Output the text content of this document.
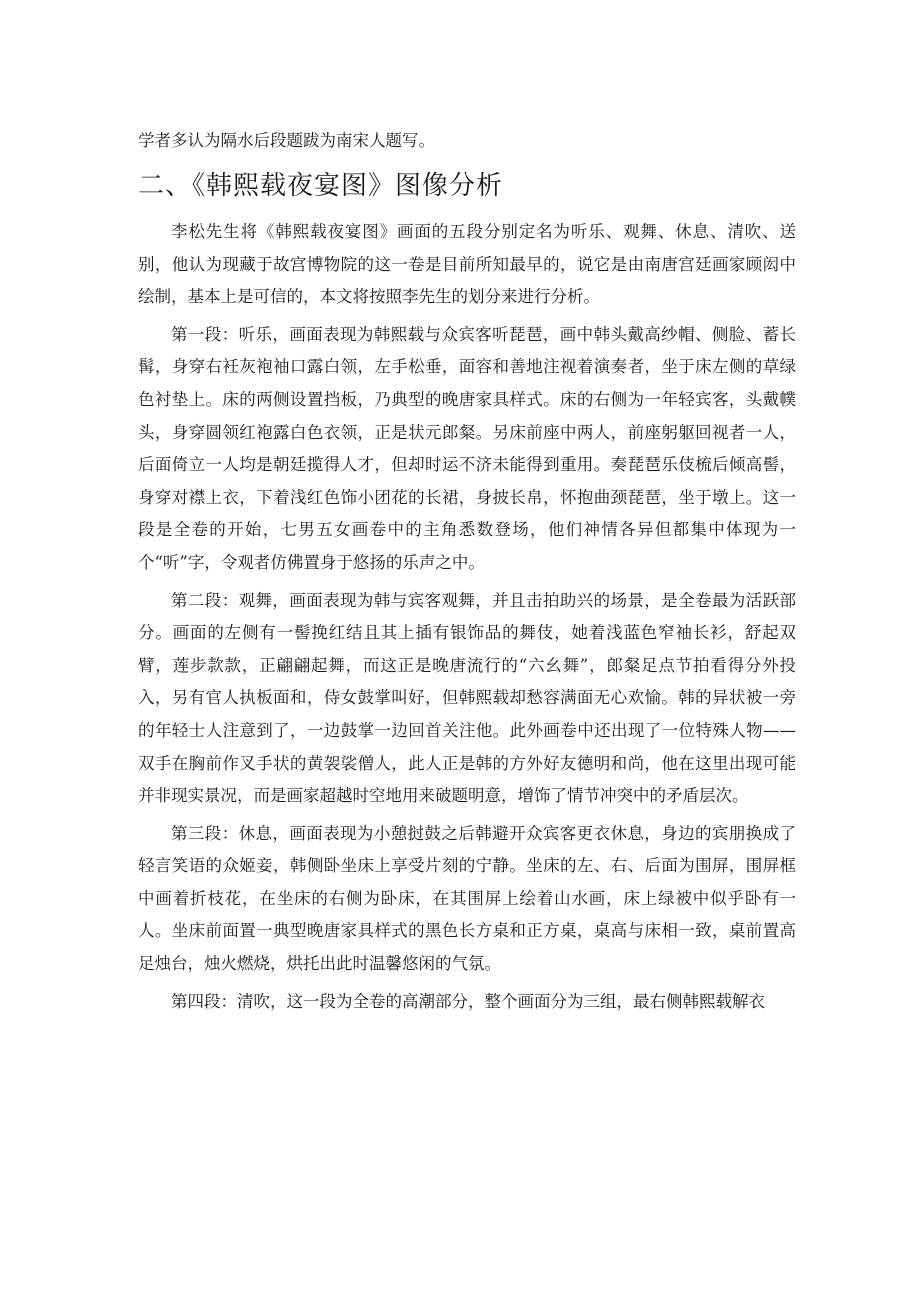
学者多认为隔水后段题跋为南宋人题写。

二、《韩熙载夜宴图》图像分析

李松先生将《韩熙载夜宴图》画面的五段分别定名为听乐、观舞、休息、清吹、送别，他认为现藏于故宫博物院的这一卷是目前所知最早的，说它是由南唐宫廷画家顾闳中绘制，基本上是可信的，本文将按照李先生的划分来进行分析。

第一段：听乐，画面表现为韩熙载与众宾客听琵琶，画中韩头戴高纱帽、侧脸、蓄长髯，身穿右衽灰袍袖口露白领，左手松垂，面容和善地注视着演奏者，坐于床左侧的草绿色衬垫上。床的两侧设置挡板，乃典型的晚唐家具样式。床的右侧为一年轻宾客，头戴幞头，身穿圆领红袍露白色衣领，正是状元郎粲。另床前座中两人，前座躬躯回视者一人，后面倚立一人均是朝廷揽得人才，但却时运不济未能得到重用。奏琵琶乐伎梳后倾高髻，身穿对襟上衣，下着浅红色饰小团花的长裙，身披长帛，怀抱曲颈琵琶，坐于墩上。这一段是全卷的开始，七男五女画卷中的主角悉数登场，他们神情各异但都集中体现为一个“听”字，令观者仿佛置身于悠扬的乐声之中。

第二段：观舞，画面表现为韩与宾客观舞，并且击拍助兴的场景，是全卷最为活跃部分。画面的左侧有一髻挽红结且其上插有银饰品的舞伎，她着浅蓝色窄袖长衫，舒起双臂，莲步款款，正翩翩起舞，而这正是晚唐流行的“六幺舞”，郎粲足点节拍看得分外投入，另有官人执板面和，侍女鼓掌叫好，但韩熙载却愁容满面无心欢愉。韩的异状被一旁的年轻士人注意到了，一边鼓掌一边回首关注他。此外画卷中还出现了一位特殊人物——双手在胸前作叉手状的黄袈裟僧人，此人正是韩的方外好友德明和尚，他在这里出现可能并非现实景况，而是画家超越时空地用来破题明意，增饰了情节冲突中的矛盾层次。

第三段：休息，画面表现为小憩挝鼓之后韩避开众宾客更衣休息，身边的宾朋换成了轻言笑语的众姬妾，韩侧卧坐床上享受片刻的宁静。坐床的左、右、后面为围屏，围屏框中画着折枝花，在坐床的右侧为卧床，在其围屏上绘着山水画，床上绿被中似乎卧有一人。坐床前面置一典型晚唐家具样式的黑色长方桌和正方桌，桌高与床相一致，桌前置高足烛台，烛火燃烧，烘托出此时温馨悠闲的气氛。

第四段：清吹，这一段为全卷的高潮部分，整个画面分为三组，最右侧韩熙载解衣
